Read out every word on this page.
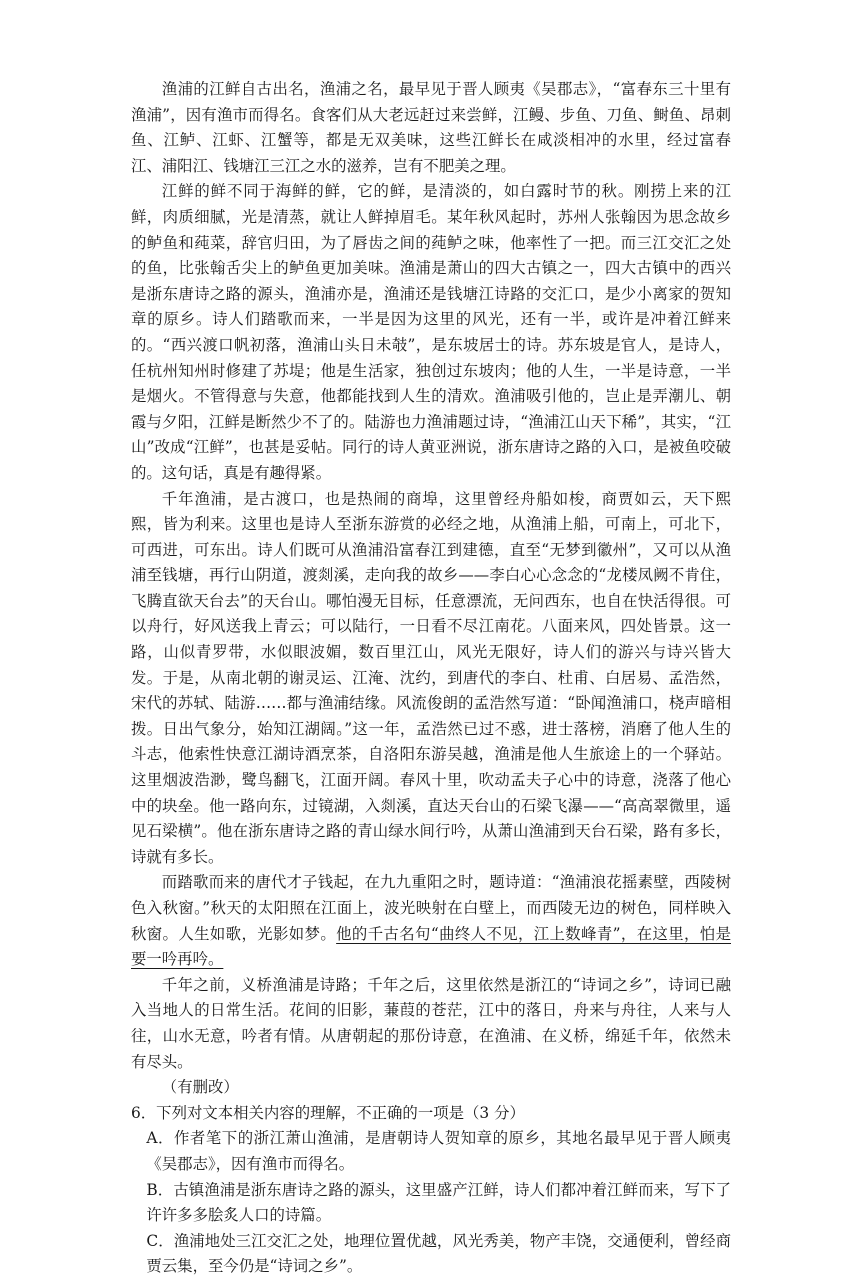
渔浦的江鲜自古出名，渔浦之名，最早见于晋人顾夷《吴郡志》，“富春东三十里有渔浦”，因有渔市而得名。食客们从大老远赶过来尝鲜，江鳗、步鱼、刀鱼、鲥鱼、昂刺鱼、江鲈、江虾、江蟹等，都是无双美味，这些江鲜长在咸淡相冲的水里，经过富春江、浦阳江、钱塘江三江之水的滋养，岂有不肥美之理。

江鲜的鲜不同于海鲜的鲜，它的鲜，是清淡的，如白露时节的秋。刚捞上来的江鲜，肉质细腻，光是清蒸，就让人鲜掉眉毛。某年秋风起时，苏州人张翰因为思念故乡的鲈鱼和莼菜，辞官归田，为了唇齿之间的莼鲈之味，他率性了一把。而三江交汇之处的鱼，比张翰舌尖上的鲈鱼更加美味。渔浦是萧山的四大古镇之一，四大古镇中的西兴是浙东唐诗之路的源头，渔浦亦是，渔浦还是钱塘江诗路的交汇口，是少小离家的贺知章的原乡。诗人们踏歌而来，一半是因为这里的风光，还有一半，或许是冲着江鲜来的。“西兴渡口帆初落，渔浦山头日未攲”，是东坡居士的诗。苏东坡是官人，是诗人，任杭州知州时修建了苏堤；他是生活家，独创过东坡肉；他的人生，一半是诗意，一半是烟火。不管得意与失意，他都能找到人生的清欢。渔浦吸引他的，岂止是弄潮儿、朝霞与夕阳，江鲜是断然少不了的。陆游也力渔浦题过诗，“渔浦江山天下稀”，其实，“江山”改成“江鲜”，也甚是妥帖。同行的诗人黄亚洲说，浙东唐诗之路的入口，是被鱼咬破的。这句话，真是有趣得紧。

千年渔浦，是古渡口，也是热闹的商埠，这里曾经舟船如梭，商贾如云，天下熙熙，皆为利来。这里也是诗人至浙东游赏的必经之地，从渔浦上船，可南上，可北下，可西进，可东出。诗人们既可从渔浦沿富春江到建德，直至“无梦到徽州”，又可以从渔浦至钱塘，再行山阴道，渡剡溪，走向我的故乡——李白心心念念的“龙楼凤阙不肯住，飞腾直欲天台去”的天台山。哪怕漫无目标，任意漂流，无问西东，也自在快活得很。可以舟行，好风送我上青云；可以陆行，一日看不尽江南花。八面来风，四处皆景。这一路，山似青罗带，水似眼波媚，数百里江山，风光无限好，诗人们的游兴与诗兴皆大发。于是，从南北朝的谢灵运、江淹、沈约，到唐代的李白、杜甫、白居易、孟浩然，宋代的苏轼、陆游……都与渔浦结缘。风流俊朗的孟浩然写道：“卧闻渔浦口，桡声暗相拨。日出气象分，始知江湖阔。”这一年，孟浩然已过不惑，进士落榜，消磨了他人生的斗志，他索性快意江湖诗酒烹茶，自洛阳东游吴越，渔浦是他人生旅途上的一个驿站。这里烟波浩渺，鹭鸟翻飞，江面开阔。春风十里，吹动孟夫子心中的诗意，浇落了他心中的块垒。他一路向东，过镜湖，入剡溪，直达天台山的石梁飞瀑——“高高翠微里，遥见石梁横”。他在浙东唐诗之路的青山绿水间行吟，从萧山渔浦到天台石梁，路有多长，诗就有多长。

而踏歌而来的唐代才子钱起，在九九重阳之时，题诗道：“渔浦浪花摇素壁，西陵树色入秋窗。”秋天的太阳照在江面上，波光映射在白壁上，而西陵无边的树色，同样映入秋窗。人生如歌，光影如梦。他的千古名句“曲终人不见，江上数峰青”，在这里，怕是要一吟再吟。

千年之前，义桥渔浦是诗路；千年之后，这里依然是浙江的“诗词之乡”，诗词已融入当地人的日常生活。花间的旧影，蒹葭的苍茫，江中的落日，舟来与舟往，人来与人往，山水无意，吟者有情。从唐朝起的那份诗意，在渔浦、在义桥，绵延千年，依然未有尽头。

（有删改）

6．下列对文本相关内容的理解，不正确的一项是（3 分）

A．作者笔下的浙江萧山渔浦，是唐朝诗人贺知章的原乡，其地名最早见于晋人顾夷《吴郡志》，因有渔市而得名。

B．古镇渔浦是浙东唐诗之路的源头，这里盛产江鲜，诗人们都冲着江鲜而来，写下了许许多多脍炙人口的诗篇。

C．渔浦地处三江交汇之处，地理位置优越，风光秀美，物产丰饶，交通便利，曾经商贾云集，至今仍是“诗词之乡”。
